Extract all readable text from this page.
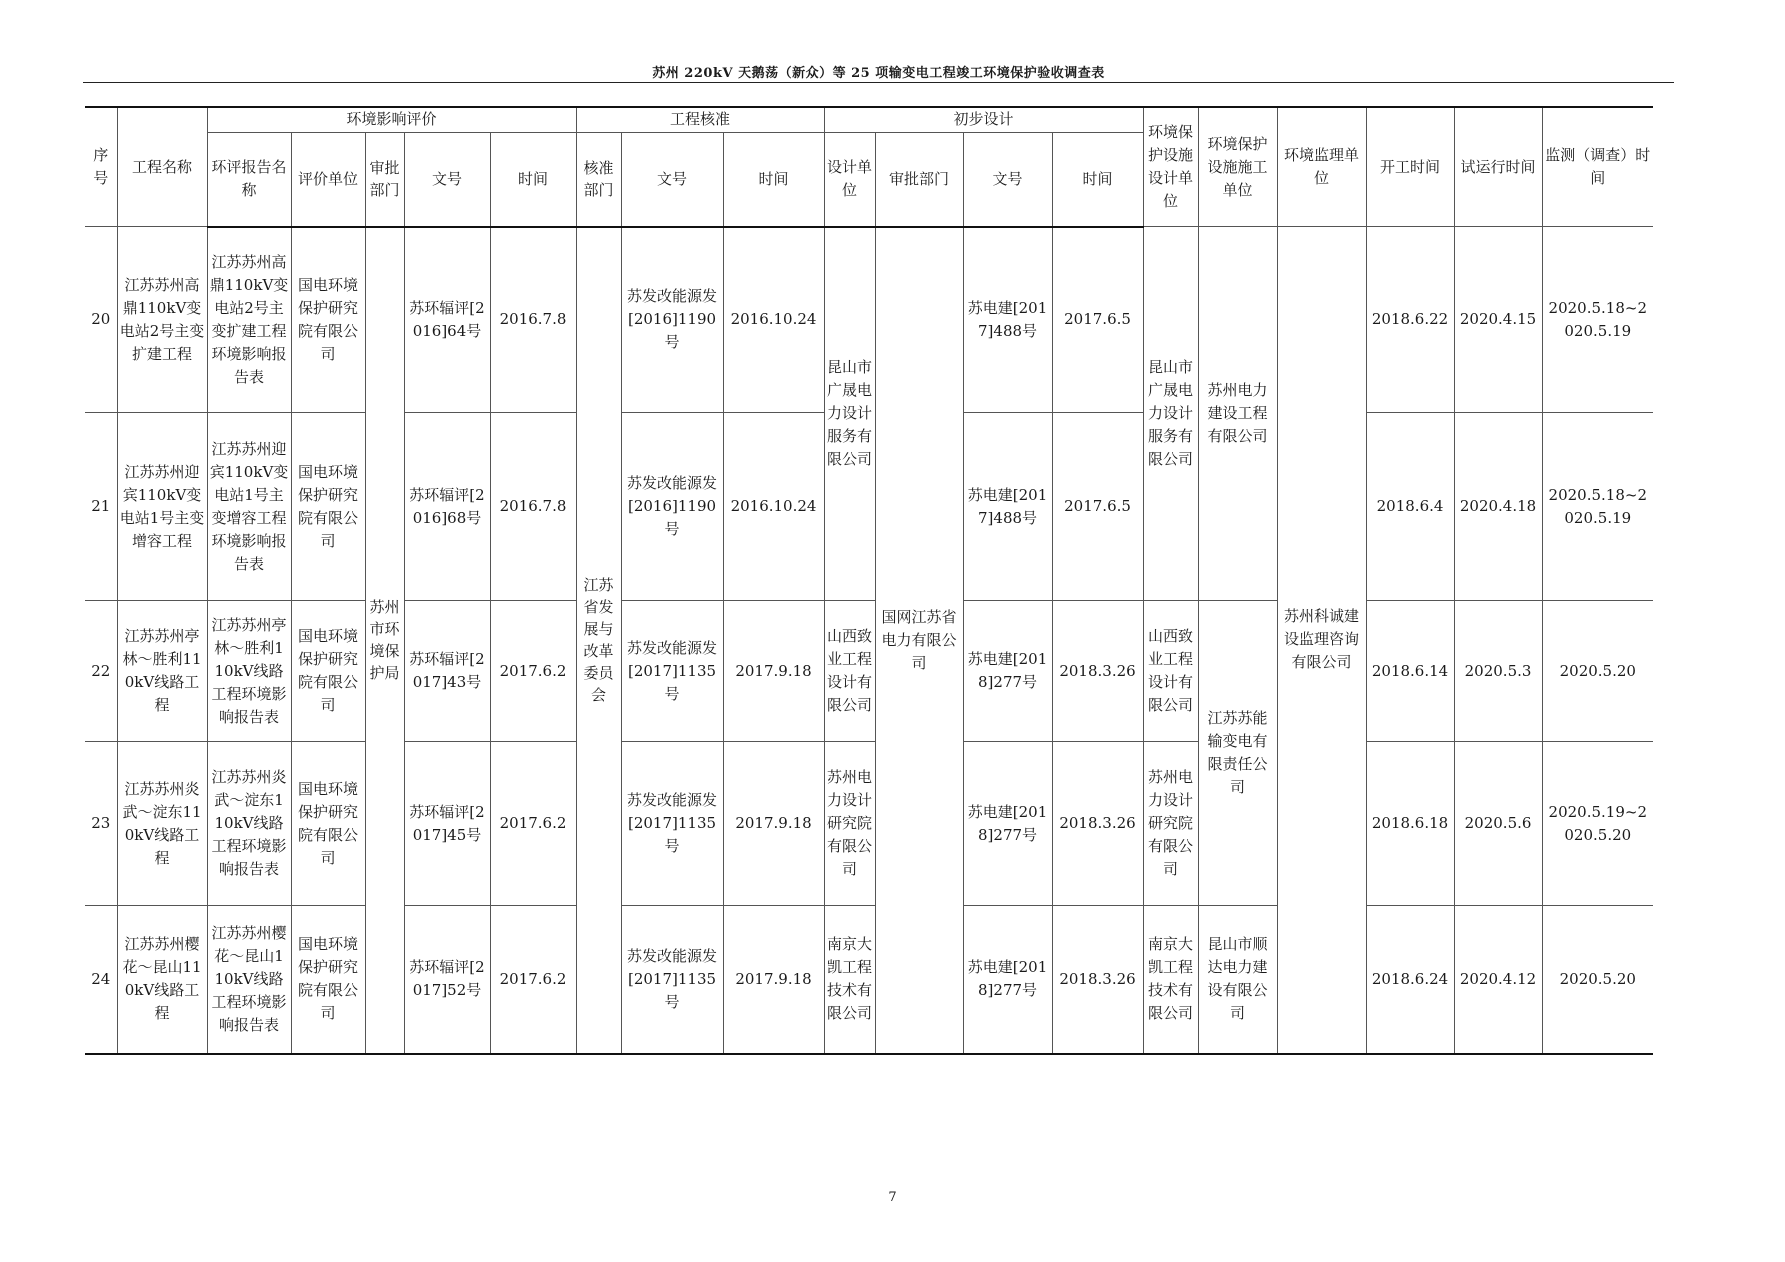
苏州 220kV 天鹅荡（新众）等 25 项输变电工程竣工环境保护验收调查表
序号	工程名称	环境影响评价					工程核准			初步设计				环境保护设施设计单位	环境保护设施施工单位	环境监理单位	开工时间	试运行时间	监测（调查）时间
		环评报告名称	评价单位	审批部门	文号	时间	核准部门	文号	时间	设计单位	审批部门	文号	时间						
20	江苏苏州高鼎110kV变电站2号主变扩建工程	江苏苏州高鼎110kV变电站2号主变扩建工程环境影响报告表	国电环境保护研究院有限公司	苏州市环境保护局	苏环辐评[2016]64号	2016.7.8	江苏省发展与改革委员会	苏发改能源发[2016]1190号	2016.10.24	昆山市广晟电力设计服务有限公司	国网江苏省电力有限公司	苏电建[2017]488号	2017.6.5	昆山市广晟电力设计服务有限公司	苏州电力建设工程有限公司	苏州科诚建设监理咨询有限公司	2018.6.22	2020.4.15	2020.5.18~2020.5.19
21	江苏苏州迎宾110kV变电站1号主变增容工程	江苏苏州迎宾110kV变电站1号主变增容工程环境影响报告表	国电环境保护研究院有限公司		苏环辐评[2016]68号	2016.7.8		苏发改能源发[2016]1190号	2016.10.24			苏电建[2017]488号	2017.6.5				2018.6.4	2020.4.18	2020.5.18~2020.5.19
22	江苏苏州亭林～胜利110kV线路工程	江苏苏州亭林～胜利110kV线路工程环境影响报告表	国电环境保护研究院有限公司		苏环辐评[2017]43号	2017.6.2		苏发改能源发[2017]1135号	2017.9.18	山西致业工程设计有限公司		苏电建[2018]277号	2018.3.26	山西致业工程设计有限公司	江苏苏能输变电有限责任公司		2018.6.14	2020.5.3	2020.5.20
23	江苏苏州炎武～淀东110kV线路工程	江苏苏州炎武～淀东110kV线路工程环境影响报告表	国电环境保护研究院有限公司		苏环辐评[2017]45号	2017.6.2		苏发改能源发[2017]1135号	2017.9.18	苏州电力设计研究院有限公司		苏电建[2018]277号	2018.3.26	苏州电力设计研究院有限公司			2018.6.18	2020.5.6	2020.5.19~2020.5.20
24	江苏苏州樱花～昆山110kV线路工程	江苏苏州樱花～昆山110kV线路工程环境影响报告表	国电环境保护研究院有限公司		苏环辐评[2017]52号	2017.6.2		苏发改能源发[2017]1135号	2017.9.18	南京大凯工程技术有限公司		苏电建[2018]277号	2018.3.26	南京大凯工程技术有限公司	昆山市顺达电力建设有限公司		2018.6.24	2020.4.12	2020.5.20
7
